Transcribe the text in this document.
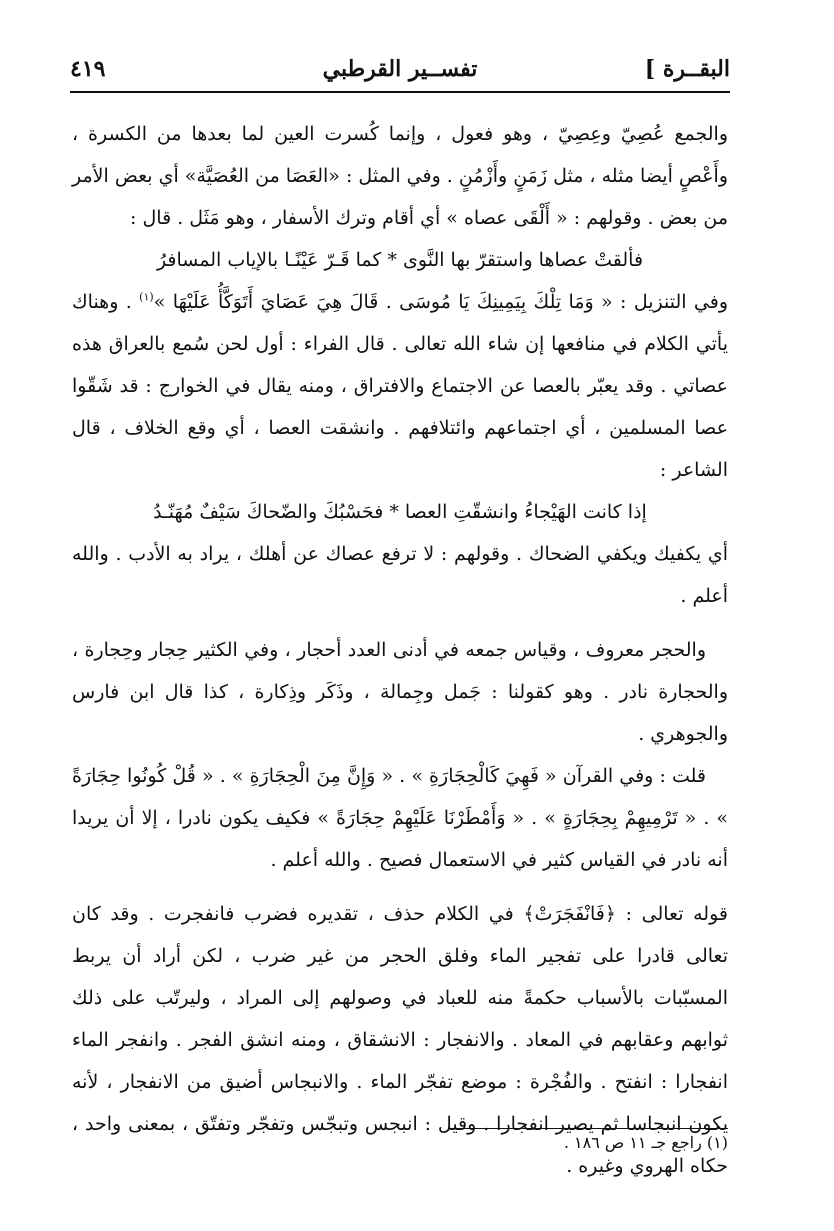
البقــرة ]
تفســير القرطبي
٤١٩

والجمع عُصِيّ وعِصِيّ ، وهو فعول ، وإنما كُسرت العين لما بعدها من الكسرة ، وأَعْصٍ أيضا مثله ، مثل زَمَنٍ وأَزْمُنٍ . وفي المثل : «العَصَا من العُصَيَّة» أي بعض الأمر من بعض . وقولهم : « أَلْقَى عصاه » أي أقام وترك الأسفار ، وهو مَثَل . قال :

فألقتْ عصاها واستقرّ بها النَّوى * كما قَـرّ عَيْنًـا بالإياب المسافرُ

وفي التنزيل : « وَمَا تِلْكَ بِيَمِينِكَ يَا مُوسَى . قَالَ هِيَ عَصَايَ أَتَوَكَّأُ عَلَيْهَا »$^{(١)}$ . وهناك يأتي الكلام في منافعها إن شاء الله تعالى . قال الفراء : أول لحن سُمع بالعراق هذه عصاتي . وقد يعبّر بالعصا عن الاجتماع والافتراق ، ومنه يقال في الخوارج : قد شَقّوا عصا المسلمين ، أي اجتماعهم وائتلافهم . وانشقت العصا ، أي وقع الخلاف ، قال الشاعر :

إذا كانت الهَيْجاءُ وانشقّتِ العصا * فحَسْبُكَ والضّحاكَ سَيْفٌ مُهَنّـدُ

أي يكفيك ويكفي الضحاك . وقولهم : لا ترفع عصاك عن أهلك ، يراد به الأدب . والله أعلم .

والحجر معروف ، وقياس جمعه في أدنى العدد أحجار ، وفي الكثير حِجار وحِجارة ، والحجارة نادر . وهو كقولنا : جَمل وجِمالة ، وذَكَر وذِكارة ، كذا قال ابن فارس والجوهري .

قلت : وفي القرآن « فَهِيَ كَالْحِجَارَةِ » . « وَإِنَّ مِنَ الْحِجَارَةِ » . « قُلْ كُونُوا حِجَارَةً » . « تَرْمِيهِمْ بِحِجَارَةٍ » . « وَأَمْطَرْنَا عَلَيْهِمْ حِجَارَةً » فكيف يكون نادرا ، إلا أن يريدا أنه نادر في القياس كثير في الاستعمال فصيح . والله أعلم .

قوله تعالى : ﴿فَانْفَجَرَتْ﴾ في الكلام حذف ، تقديره فضرب فانفجرت . وقد كان تعالى قادرا على تفجير الماء وفلق الحجر من غير ضرب ، لكن أراد أن يربط المسبّبات بالأسباب حكمةً منه للعباد في وصولهم إلى المراد ، وليرتّب على ذلك ثوابهم وعقابهم في المعاد . والانفجار : الانشقاق ، ومنه انشق الفجر . وانفجر الماء انفجارا : انفتح . والفُجْرة : موضع تفجّر الماء . والانبجاس أضيق من الانفجار ، لأنه يكون انبجاسا ثم يصير انفجارا . وقيل : انبجس وتبجّس وتفجّر وتفتّق ، بمعنى واحد ، حكاه الهروي وغيره .

(١) راجع جـ ١١ ص ١٨٦ .
